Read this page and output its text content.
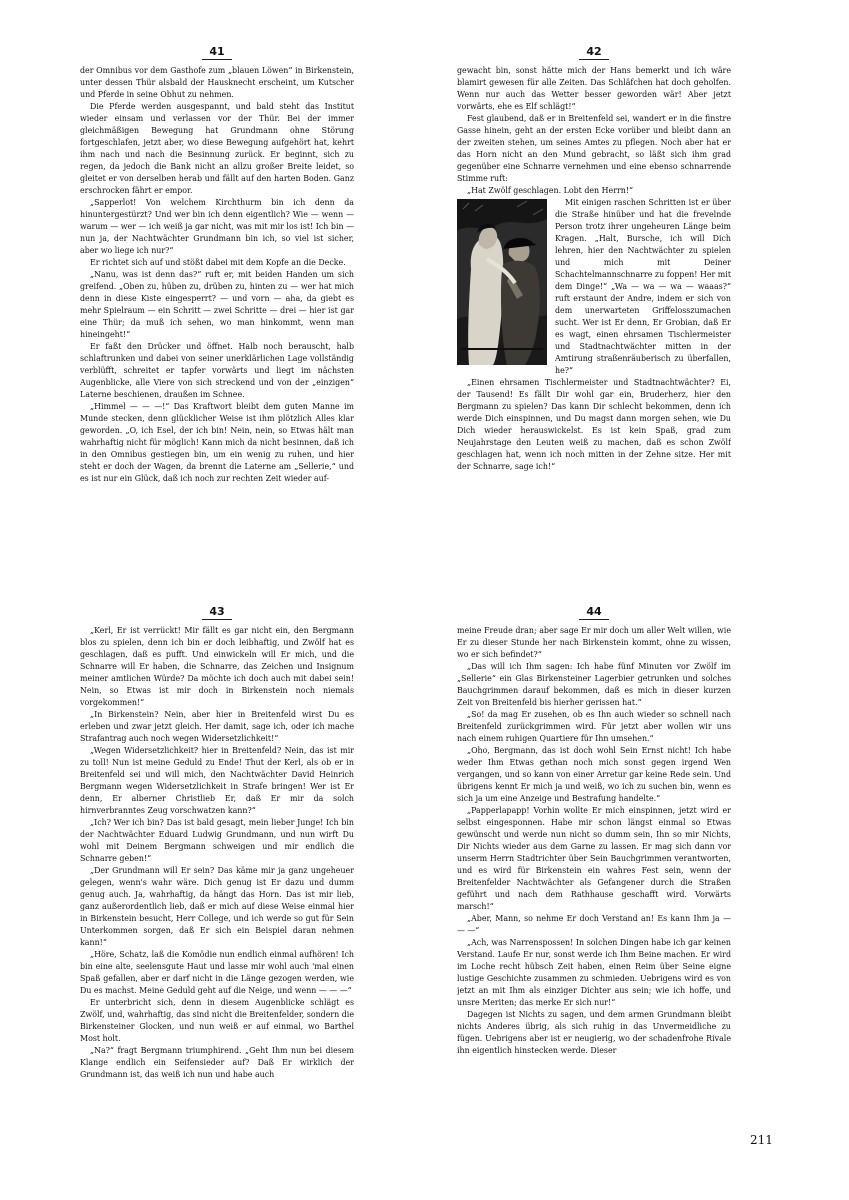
41

der Omnibus vor dem Gasthofe zum „blauen Löwen“ in Birkenstein, unter dessen Thür alsbald der Hausknecht erscheint, um Kutscher und Pferde in seine Obhut zu nehmen.

Die Pferde werden ausgespannt, und bald steht das Institut wieder einsam und verlassen vor der Thür. Bei der immer gleichmäßigen Bewegung hat Grundmann ohne Störung fortgeschlafen, jetzt aber, wo diese Bewegung aufgehört hat, kehrt ihm nach und nach die Besinnung zurück. Er beginnt, sich zu regen, da jedoch die Bank nicht an allzu großer Breite leidet, so gleitet er von derselben herab und fällt auf den harten Boden. Ganz erschrocken fährt er empor.

„Sapperlot! Von welchem Kirchthurm bin ich denn da hinuntergestürzt? Und wer bin ich denn eigentlich? Wie — wenn — warum — wer — ich weiß ja gar nicht, was mit mir los ist! Ich bin — nun ja, der Nachtwächter Grundmann bin ich, so viel ist sicher, aber wo liege ich nur?“

Er richtet sich auf und stößt dabei mit dem Kopfe an die Decke.

„Nanu, was ist denn das?“ ruft er, mit beiden Handen um sich greifend. „Oben zu, hüben zu, drüben zu, hinten zu — wer hat mich denn in diese Kiste eingesperrt? — und vorn — aha, da giebt es mehr Spielraum — ein Schritt — zwei Schritte — drei — hier ist gar eine Thür; da muß ich sehen, wo man hinkommt, wenn man hineingeht!“

Er faßt den Drücker und öffnet. Halb noch berauscht, halb schlaftrunken und dabei von seiner unerklärlichen Lage vollständig verblüfft, schreitet er tapfer vorwärts und liegt im nächsten Augenblicke, alle Viere von sich streckend und von der „einzigen“ Laterne beschienen, draußen im Schnee.

„Himmel — — —!“ Das Kraftwort bleibt dem guten Manne im Munde stecken, denn glücklicher Weise ist ihm plötzlich Alles klar geworden. „O, ich Esel, der ich bin! Nein, nein, so Etwas hält man wahrhaftig nicht für möglich! Kann mich da nicht besinnen, daß ich in den Omnibus gestiegen bin, um ein wenig zu ruhen, und hier steht er doch der Wagen, da brennt die Laterne am „Sellerie,“ und es ist nur ein Glück, daß ich noch zur rechten Zeit wieder auf-

42

gewacht bin, sonst hätte mich der Hans bemerkt und ich wäre blamirt gewesen für alle Zeiten. Das Schläfchen hat doch geholfen. Wenn nur auch das Wetter besser geworden wär! Aber jetzt vorwärts, ehe es Elf schlägt!“

Fest glaubend, daß er in Breitenfeld sei, wandert er in die finstre Gasse hinein, geht an der ersten Ecke vorüber und bleibt dann an der zweiten stehen, um seines Amtes zu pflegen. Noch aber hat er das Horn nicht an den Mund gebracht, so läßt sich ihm grad gegenüber eine Schnarre vernehmen und eine ebenso schnarrende Stimme ruft:

„Hat Zwölf geschlagen. Lobt den Herrn!“

Mit einigen raschen Schritten ist er über die Straße hinüber und hat die frevelnde Person trotz ihrer ungeheuren Länge beim Kragen. „Halt, Bursche, ich will Dich lehren, hier den Nachtwächter zu spielen und mich mit Deiner Schachtelmannschnarre zu foppen! Her mit dem Dinge!“ „Wa — wa — wa — waaas?“ ruft erstaunt der Andre, indem er sich von dem unerwarteten Griffelosszumachen sucht. Wer ist Er denn, Er Grobian, daß Er es wagt, einen ehrsamen Tischlermeister und Stadtnachtwächter mitten in der Amtirung straßenräuberisch zu überfallen, he?“

„Einen ehrsamen Tischlermeister und Stadtnachtwächter? Ei, der Tausend! Es fällt Dir wohl gar ein, Bruderherz, hier den Bergmann zu spielen? Das kann Dir schlecht bekommen, denn ich werde Dich einspinnen, und Du magst dann morgen sehen, wie Du Dich wieder herauswickelst. Es ist kein Spaß, grad zum Neujahrstage den Leuten weiß zu machen, daß es schon Zwölf geschlagen hat, wenn ich noch mitten in der Zehne sitze. Her mit der Schnarre, sage ich!“

43

„Kerl, Er ist verrückt! Mir fällt es gar nicht ein, den Bergmann blos zu spielen, denn ich bin er doch leibhaftig, und Zwölf hat es geschlagen, daß es pufft. Und einwickeln will Er mich, und die Schnarre will Er haben, die Schnarre, das Zeichen und Insignum meiner amtlichen Würde? Da möchte ich doch auch mit dabei sein! Nein, so Etwas ist mir doch in Birkenstein noch niemals vorgekommen!“

„In Birkenstein? Nein, aber hier in Breitenfeld wirst Du es erleben und zwar jetzt gleich. Her damit, sage ich, oder ich mache Strafantrag auch noch wegen Widersetzlichkeit!“

„Wegen Widersetzlichkeit? hier in Breitenfeld? Nein, das ist mir zu toll! Nun ist meine Geduld zu Ende! Thut der Kerl, als ob er in Breitenfeld sei und will mich, den Nachtwächter David Heinrich Bergmann wegen Widersetzlichkeit in Strafe bringen! Wer ist Er denn, Er alberner Christlieb Er, daß Er mir da solch hirnverbranntes Zeug vorschwatzen kann?“

„Ich? Wer ich bin? Das ist bald gesagt, mein lieber Junge! Ich bin der Nachtwächter Eduard Ludwig Grundmann, und nun wirft Du wohl mit Deinem Bergmann schweigen und mir endlich die Schnarre geben!“

„Der Grundmann will Er sein? Das käme mir ja ganz ungeheuer gelegen, wenn's wahr wäre. Dich genug ist Er dazu und dumm genug auch. Ja, wahrhaftig, da hängt das Horn. Das ist mir lieb, ganz außerordentlich lieb, daß er mich auf diese Weise einmal hier in Birkenstein besucht, Herr College, und ich werde so gut für Sein Unterkommen sorgen, daß Er sich ein Beispiel daran nehmen kann!“

„Höre, Schatz, laß die Komödie nun endlich einmal aufhören! Ich bin eine alte, seelensgute Haut und lasse mir wohl auch 'mal einen Spaß gefallen, aber er darf nicht in die Länge gezogen werden, wie Du es machst. Meine Geduld geht auf die Neige, und wenn — — —“

Er unterbricht sich, denn in diesem Augenblicke schlägt es Zwölf, und, wahrhaftig, das sind nicht die Breitenfelder, sondern die Birkensteiner Glocken, und nun weiß er auf einmal, wo Barthel Most holt.

„Na?“ fragt Bergmann triumphirend. „Geht Ihm nun bei diesem Klange endlich ein Seifensieder auf? Daß Er wirklich der Grundmann ist, das weiß ich nun und habe auch

44

meine Freude dran; aber sage Er mir doch um aller Welt willen, wie Er zu dieser Stunde her nach Birkenstein kommt, ohne zu wissen, wo er sich befindet?“

„Das will ich Ihm sagen: Ich habe fünf Minuten vor Zwölf im „Sellerie“ ein Glas Birkensteiner Lagerbier getrunken und solches Bauchgrimmen darauf bekommen, daß es mich in dieser kurzen Zeit von Breitenfeld bis hierher gerissen hat.“

„So! da mag Er zusehen, ob es Ihn auch wieder so schnell nach Breitenfeld zurückgrimmen wird. Für jetzt aber wollen wir uns nach einem ruhigen Quartiere für Ihn umsehen.“

„Oho, Bergmann, das ist doch wohl Sein Ernst nicht! Ich habe weder Ihm Etwas gethan noch mich sonst gegen irgend Wen vergangen, und so kann von einer Arretur gar keine Rede sein. Und übrigens kennt Er mich ja und weiß, wo ich zu suchen bin, wenn es sich ja um eine Anzeige und Bestrafung handelte.“

„Papperlapapp! Vorhin wollte Er mich einspinnen, jetzt wird er selbst eingesponnen. Habe mir schon längst einmal so Etwas gewünscht und werde nun nicht so dumm sein, Ihn so mir Nichts, Dir Nichts wieder aus dem Garne zu lassen. Er mag sich dann vor unserm Herrn Stadtrichter über Sein Bauchgrimmen verantworten, und es wird für Birkenstein ein wahres Fest sein, wenn der Breitenfelder Nachtwächter als Gefangener durch die Straßen geführt und nach dem Rathhause geschafft wird. Vorwärts marsch!“

„Aber, Mann, so nehme Er doch Verstand an! Es kann Ihm ja — — —“

„Ach, was Narrenspossen! In solchen Dingen habe ich gar keinen Verstand. Laufe Er nur, sonst werde ich Ihm Beine machen. Er wird im Loche recht hübsch Zeit haben, einen Reim über Seine eigne lustige Geschichte zusammen zu schmieden. Uebrigens wird es von jetzt an mit Ihm als einziger Dichter aus sein; wie ich hoffe, und unsre Meriten; das merke Er sich nur!“

Dagegen ist Nichts zu sagen, und dem armen Grundmann bleibt nichts Anderes übrig, als sich ruhig in das Unvermeidliche zu fügen. Uebrigens aber ist er neugierig, wo der schadenfrohe Rivale ihn eigentlich hinstecken werde. Dieser

211
